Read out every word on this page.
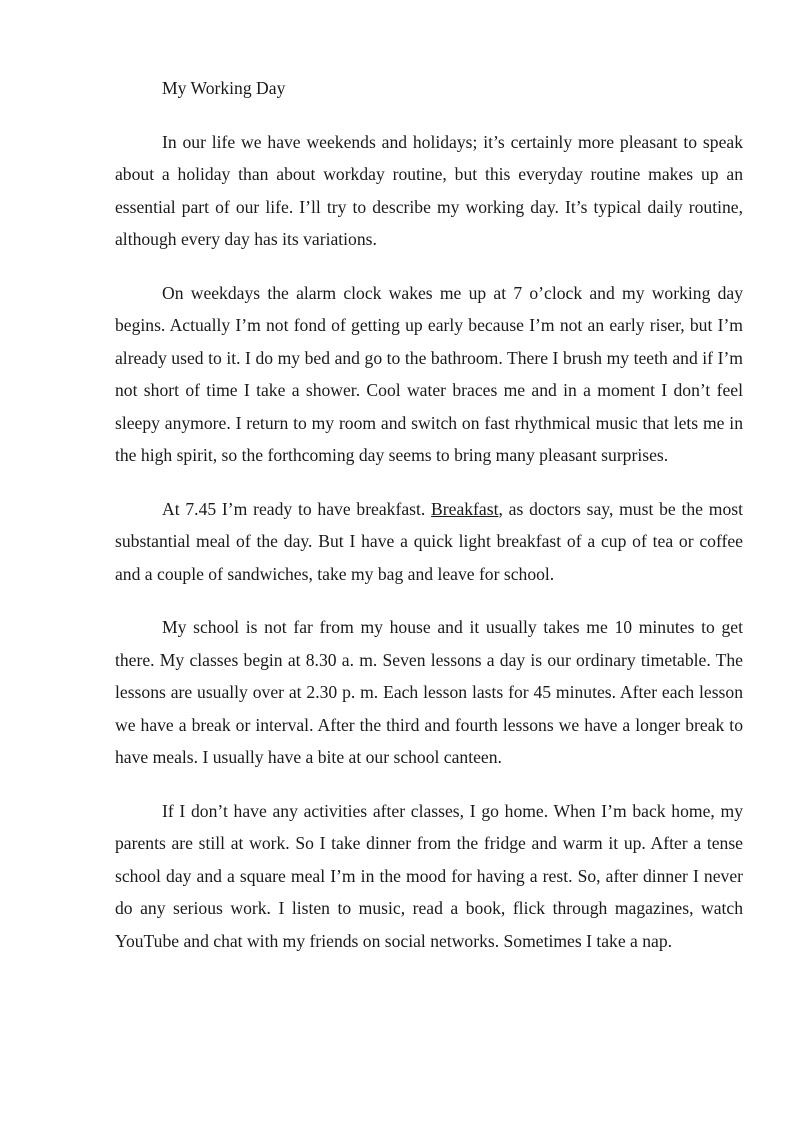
My Working Day

In our life we have weekends and holidays; it’s certainly more pleasant to speak about a holiday than about workday routine, but this everyday routine makes up an essential part of our life. I’ll try to describe my working day. It’s typical daily routine, although every day has its variations.

On weekdays the alarm clock wakes me up at 7 o’clock and my working day begins. Actually I’m not fond of getting up early because I’m not an early riser, but I’m already used to it. I do my bed and go to the bathroom. There I brush my teeth and if I’m not short of time I take a shower. Cool water braces me and in a moment I don’t feel sleepy anymore. I return to my room and switch on fast rhythmical music that lets me in the high spirit, so the forthcoming day seems to bring many pleasant surprises.

At 7.45 I’m ready to have breakfast. Breakfast, as doctors say, must be the most substantial meal of the day. But I have a quick light breakfast of a cup of tea or coffee and a couple of sandwiches, take my bag and leave for school.

My school is not far from my house and it usually takes me 10 minutes to get there. My classes begin at 8.30 a. m. Seven lessons a day is our ordinary timetable. The lessons are usually over at 2.30 p. m. Each lesson lasts for 45 minutes. After each lesson we have a break or interval. After the third and fourth lessons we have a longer break to have meals. I usually have a bite at our school canteen.

If I don’t have any activities after classes, I go home. When I’m back home, my parents are still at work. So I take dinner from the fridge and warm it up. After a tense school day and a square meal I’m in the mood for having a rest. So, after dinner I never do any serious work. I listen to music, read a book, flick through magazines, watch YouTube and chat with my friends on social networks. Sometimes I take a nap.
